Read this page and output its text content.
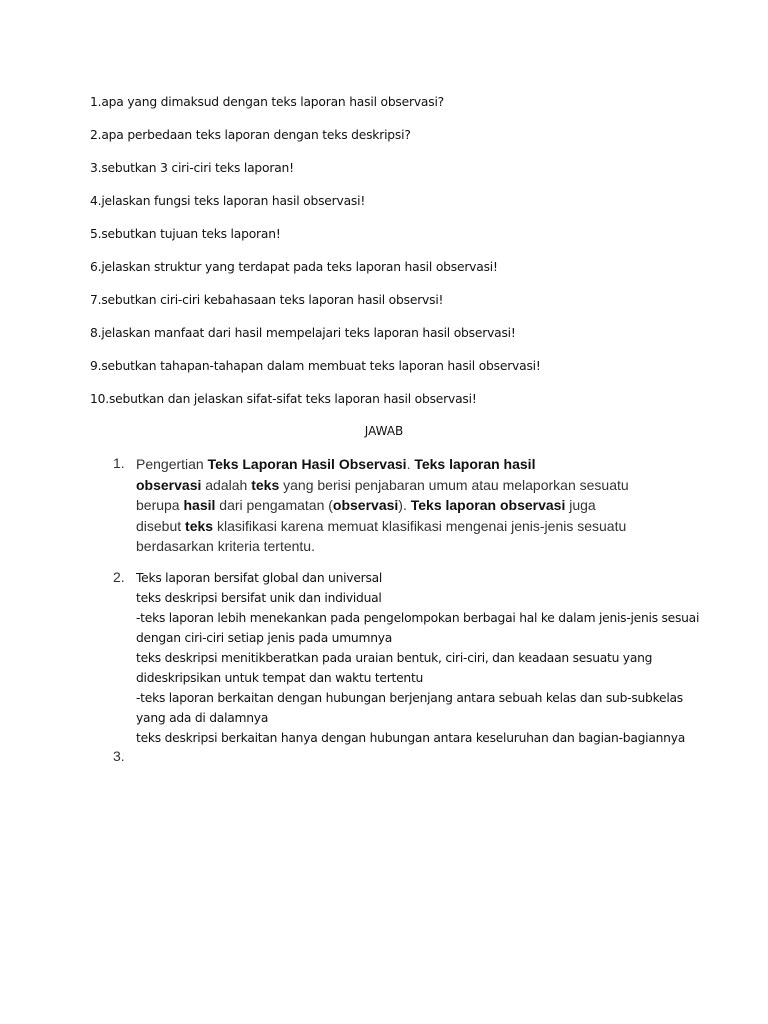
1.apa yang dimaksud dengan teks laporan hasil observasi?
2.apa perbedaan teks laporan dengan teks deskripsi?
3.sebutkan 3 ciri-ciri teks laporan!
4.jelaskan fungsi teks laporan hasil observasi!
5.sebutkan tujuan teks laporan!
6.jelaskan struktur yang terdapat pada teks laporan hasil observasi!
7.sebutkan ciri-ciri kebahasaan teks laporan hasil observsi!
8.jelaskan manfaat dari hasil mempelajari teks laporan hasil observasi!
9.sebutkan tahapan-tahapan dalam membuat teks laporan hasil observasi!
10.sebutkan dan jelaskan sifat-sifat teks laporan hasil observasi!
JAWAB
1. Pengertian Teks Laporan Hasil Observasi. Teks laporan hasil
observasi adalah teks yang berisi penjabaran umum atau melaporkan sesuatu
berupa hasil dari pengamatan (observasi). Teks laporan observasi juga
disebut teks klasifikasi karena memuat klasifikasi mengenai jenis-jenis sesuatu
berdasarkan kriteria tertentu.
2. Teks laporan bersifat global dan universal
teks deskripsi bersifat unik dan individual
-teks laporan lebih menekankan pada pengelompokan berbagai hal ke dalam jenis-jenis sesuai
dengan ciri-ciri setiap jenis pada umumnya
teks deskripsi menitikberatkan pada uraian bentuk, ciri-ciri, dan keadaan sesuatu yang
dideskripsikan untuk tempat dan waktu tertentu
-teks laporan berkaitan dengan hubungan berjenjang antara sebuah kelas dan sub-subkelas
yang ada di dalamnya
teks deskripsi berkaitan hanya dengan hubungan antara keseluruhan dan bagian-bagiannya
3.
